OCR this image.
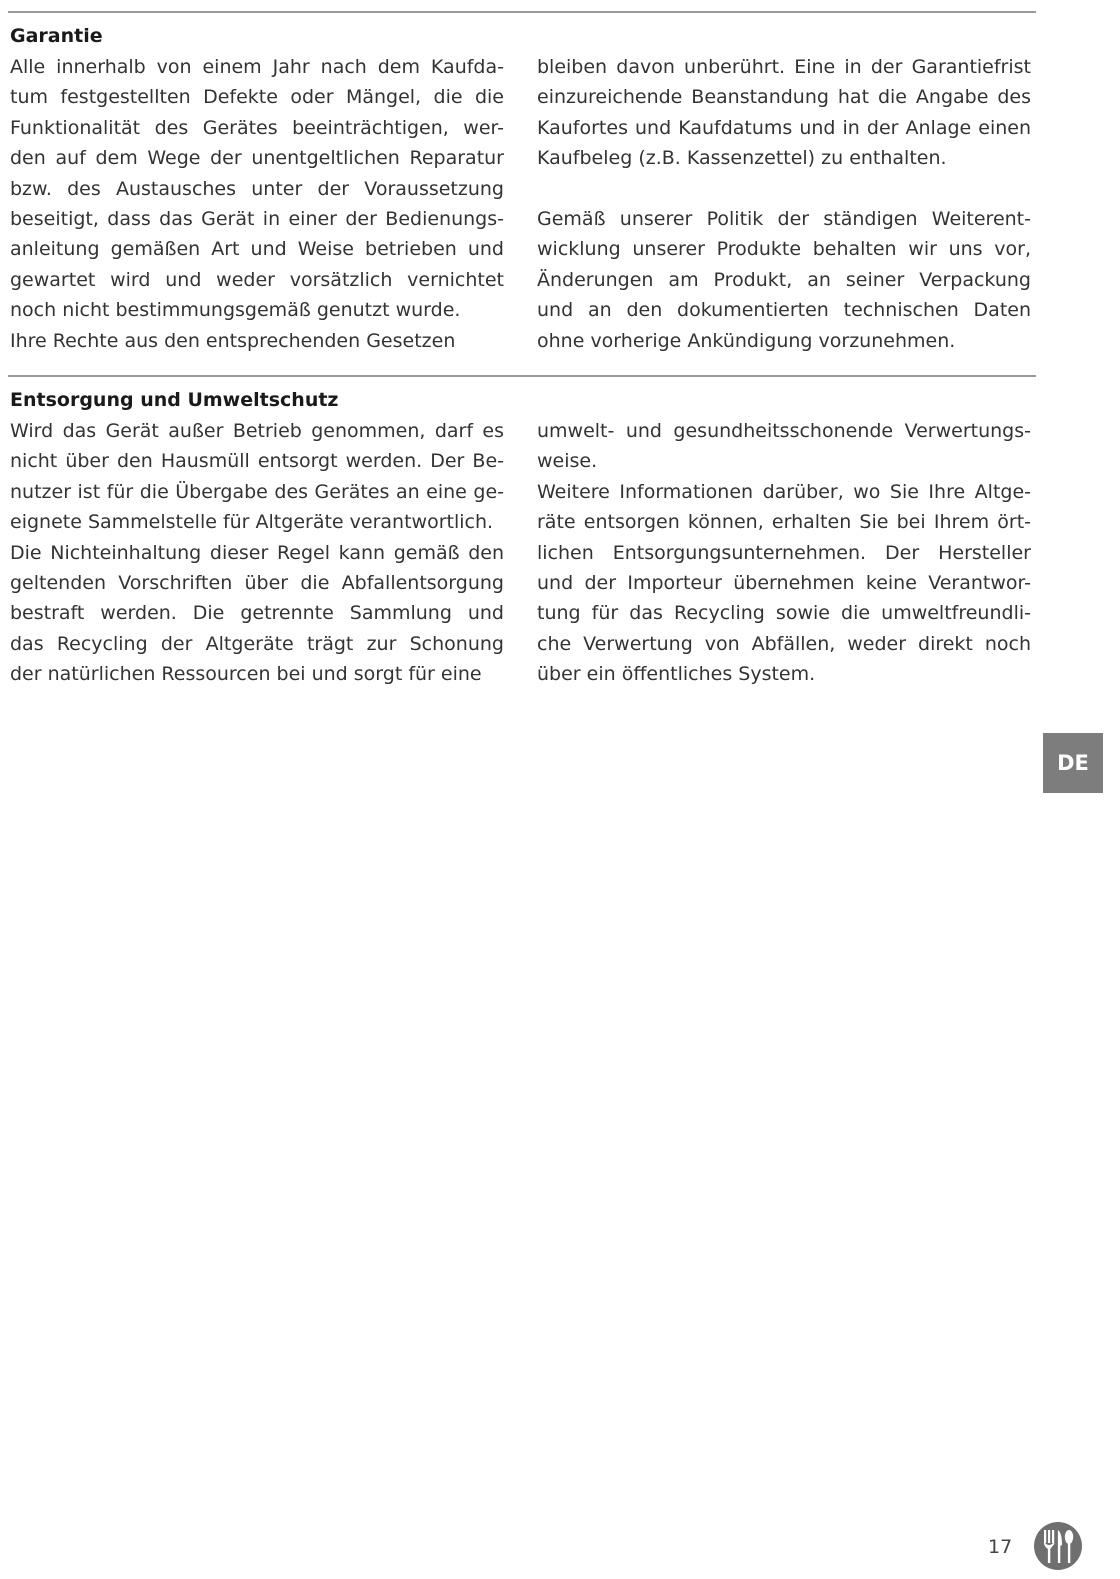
Garantie
Alle innerhalb von einem Jahr nach dem Kaufda-
tum festgestellten Defekte oder Mängel, die die
Funktionalität des Gerätes beeinträchtigen, wer-
den auf dem Wege der unentgeltlichen Reparatur
bzw. des Austausches unter der Voraussetzung
beseitigt, dass das Gerät in einer der Bedienungs-
anleitung gemäßen Art und Weise betrieben und
gewartet wird und weder vorsätzlich vernichtet
noch nicht bestimmungsgemäß genutzt wurde.
Ihre Rechte aus den entsprechenden Gesetzen
bleiben davon unberührt. Eine in der Garantiefrist
einzureichende Beanstandung hat die Angabe des
Kaufortes und Kaufdatums und in der Anlage einen
Kaufbeleg (z.B. Kassenzettel) zu enthalten.
Gemäß unserer Politik der ständigen Weiterent-
wicklung unserer Produkte behalten wir uns vor,
Änderungen am Produkt, an seiner Verpackung
und an den dokumentierten technischen Daten
ohne vorherige Ankündigung vorzunehmen.
Entsorgung und Umweltschutz
Wird das Gerät außer Betrieb genommen, darf es
nicht über den Hausmüll entsorgt werden. Der Be-
nutzer ist für die Übergabe des Gerätes an eine ge-
eignete Sammelstelle für Altgeräte verantwortlich.
Die Nichteinhaltung dieser Regel kann gemäß den
geltenden Vorschriften über die Abfallentsorgung
bestraft werden. Die getrennte Sammlung und
das Recycling der Altgeräte trägt zur Schonung
der natürlichen Ressourcen bei und sorgt für eine
umwelt- und gesundheitsschonende Verwertungs-
weise.
Weitere Informationen darüber, wo Sie Ihre Altge-
räte entsorgen können, erhalten Sie bei Ihrem ört-
lichen Entsorgungsunternehmen. Der Hersteller
und der Importeur übernehmen keine Verantwor-
tung für das Recycling sowie die umweltfreundli-
che Verwertung von Abfällen, weder direkt noch
über ein öffentliches System.
DE
17
